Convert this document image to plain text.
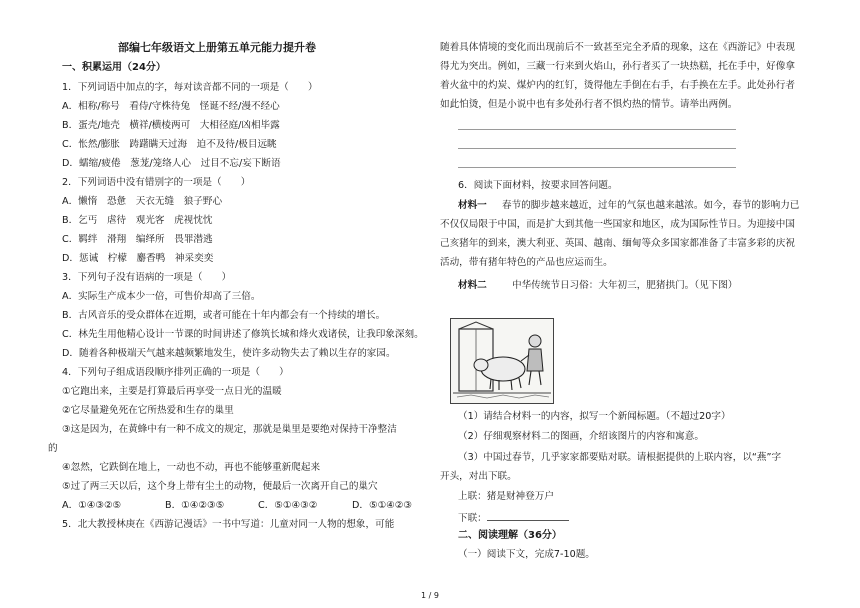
部编七年级语文上册第五单元能力提升卷
一、积累运用（24分）
1．下列词语中加点的字，每对读音都不同的一项是（　　）
A．相称/称号　看侍/守株待兔　怪诞不经/漫不经心
B．蛋壳/地壳　横祥/横棱两可　大相径庭/凶相毕露
C．怅然/膨胀　踌躇瞒天过海　迫不及待/极目远眺
D．蠕缩/疲倦　葱茏/笼络人心　过目不忘/妄下断语
2．下列词语中没有错别字的一项是（　　）
A．懒惰　恐惫　天衣无缝　狼子野心
B．乞丐　虐待　观光客　虎视忱忱
C．羁绊　滑翔　编绎所　畏罪潜逃
D．惩诫　柠檬　麝香鸭　神采奕奕
3．下列句子没有语病的一项是（　　）
A．实际生产成本少一倍，可售价却高了三倍。
B．古风音乐的受众群体在近期，或者可能在十年内都会有一个持续的增长。
C．林先生用他精心设计一节课的时间讲述了修筑长城和烽火戏诸侯，让我印象深刻。
D．随着各种极端天气越来越频繁地发生，使许多动物失去了赖以生存的家园。
4．下列句子组成语段顺序排列正确的一项是（　　）
①它跑出来，主要是打算最后再享受一点日光的温暖
②它尽量避免死在它所热爱和生存的巢里
③这是因为，在黄蜂中有一种不成文的规定，那就是巢里是要绝对保持干净整洁
的
④忽然，它跌倒在地上，一动也不动，再也不能够重新爬起来
⑤过了两三天以后，这个身上带有尘土的动物，便最后一次离开自己的巢穴
A．①④③②⑤	B．①④②③⑤	C．⑤①④③②	D．⑤①④②③
5．北大教授林庚在《西游记漫话》一书中写道：儿童对同一人物的想象，可能
随着具体情境的变化而出现前后不一致甚至完全矛盾的现象，这在《西游记》中表现
得尤为突出。例如，三藏一行来到火焰山，孙行者买了一块热糕，托在手中，好像拿
着火盆中的灼炭、煤炉内的红钉，烫得他左手倒在右手，右手换在左手。此处孙行者
如此怕烫，但是小说中也有多处孙行者不惧灼热的情节。请举出两例。
6．阅读下面材料，按要求回答问题。
材料一 春节的脚步越来越近，过年的气氛也越来越浓。如今，春节的影响力已
不仅仅局限于中国，而是扩大到其他一些国家和地区，成为国际性节日。为迎接中国
己亥猪年的到来，澳大利亚、英国、越南、缅甸等众多国家都准备了丰富多彩的庆祝
活动，带有猪年特色的产品也应运而生。
材料二	中华传统节日习俗：大年初三，肥猪拱门。（见下图）
（1）请结合材料一的内容，拟写一个新闻标题。（不超过20字）
（2）仔细观察材料二的图画，介绍该图片的内容和寓意。
（3）中国过春节，几乎家家都要贴对联。请根据提供的上联内容，以“燕”字
开头，对出下联。
上联：猪是财神登万户
下联：
二、阅读理解（36分）
（一）阅读下文，完成7-10题。
1 / 9
